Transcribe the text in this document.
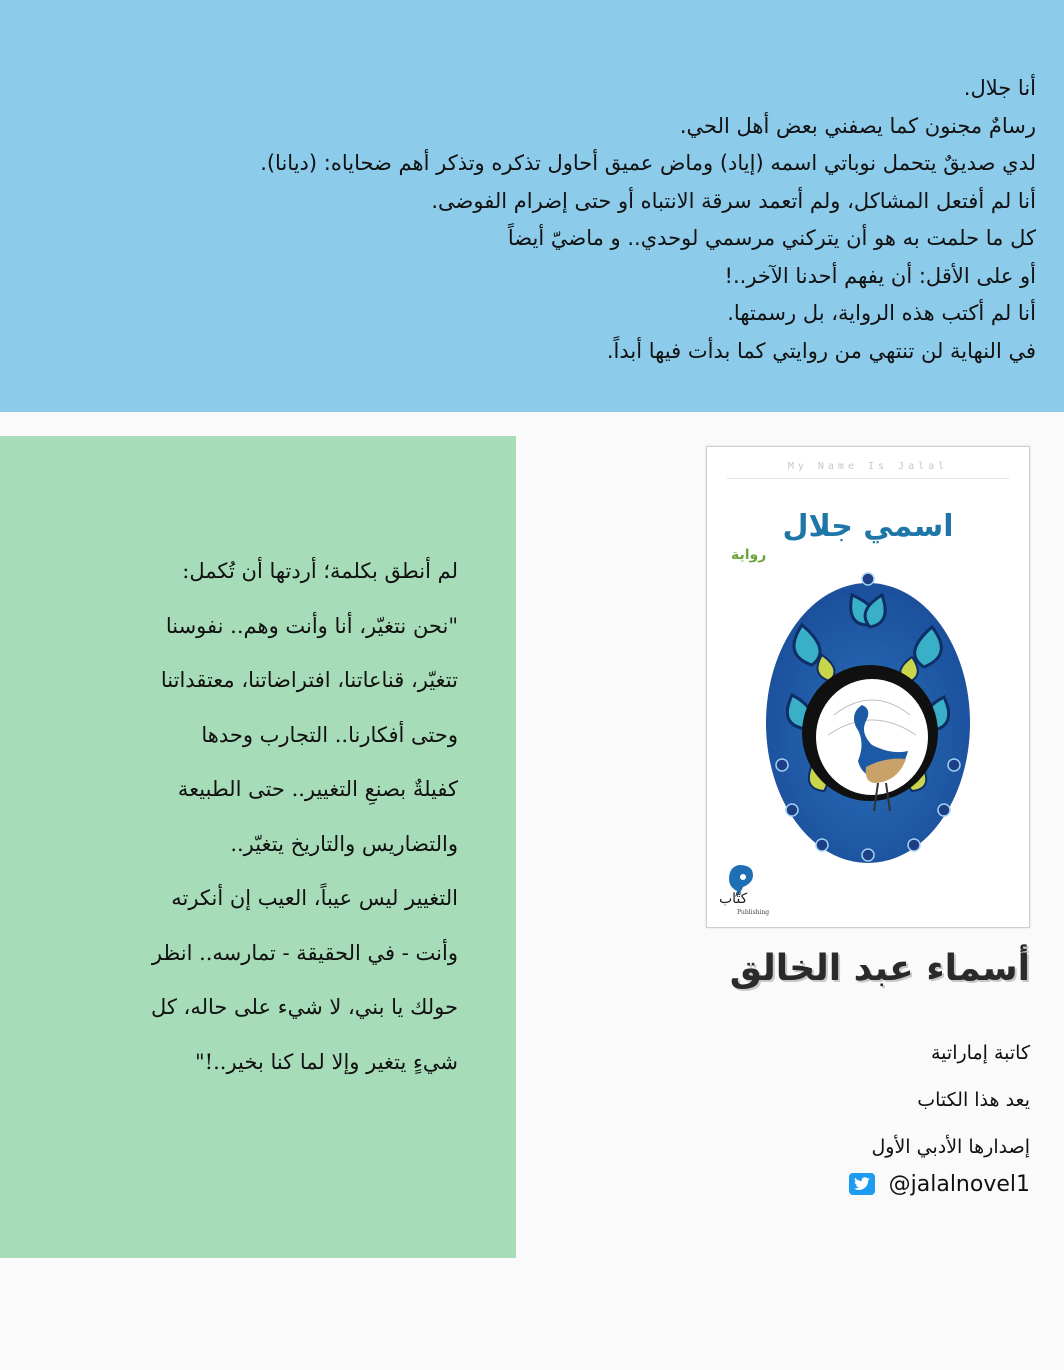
أنا جلال.

رسامٌ مجنون كما يصفني بعض أهل الحي.

لدي صديقٌ يتحمل نوباتي اسمه (إياد) وماض عميق أحاول تذكره وتذكر أهم ضحاياه: (ديانا).

أنا لم أفتعل المشاكل، ولم أتعمد سرقة الانتباه أو حتى إضرام الفوضى.

كل ما حلمت به هو أن يتركني مرسمي لوحدي.. و ماضيّ أيضاً

أو على الأقل: أن يفهم أحدنا الآخر..!

أنا لم أكتب هذه الرواية، بل رسمتها.

في النهاية لن تنتهي من روايتي كما بدأت فيها أبداً.

لم أنطق بكلمة؛ أردتها أن تُكمل:

"نحن نتغيّر، أنا وأنت وهم.. نفوسنا

تتغيّر، قناعاتنا، افتراضاتنا، معتقداتنا

وحتى أفكارنا.. التجارب وحدها

كفيلةٌ بصنعِ التغيير.. حتى الطبيعة

والتضاريس والتاريخ يتغيّر..

التغيير ليس عيباً، العيب إن أنكرته

وأنت - في الحقيقة - تمارسه.. انظر

حولك يا بني، لا شيء على حاله، كل

شيءٍ يتغير وإلا لما كنا بخير..!"

My Name Is Jalal
اسمي جلال
رواية
كتّاب
Publishing
أسماء عبد الخالق

كاتبة إماراتية

يعد هذا الكتاب

إصدارها الأدبي الأول

@jalalnovel1
